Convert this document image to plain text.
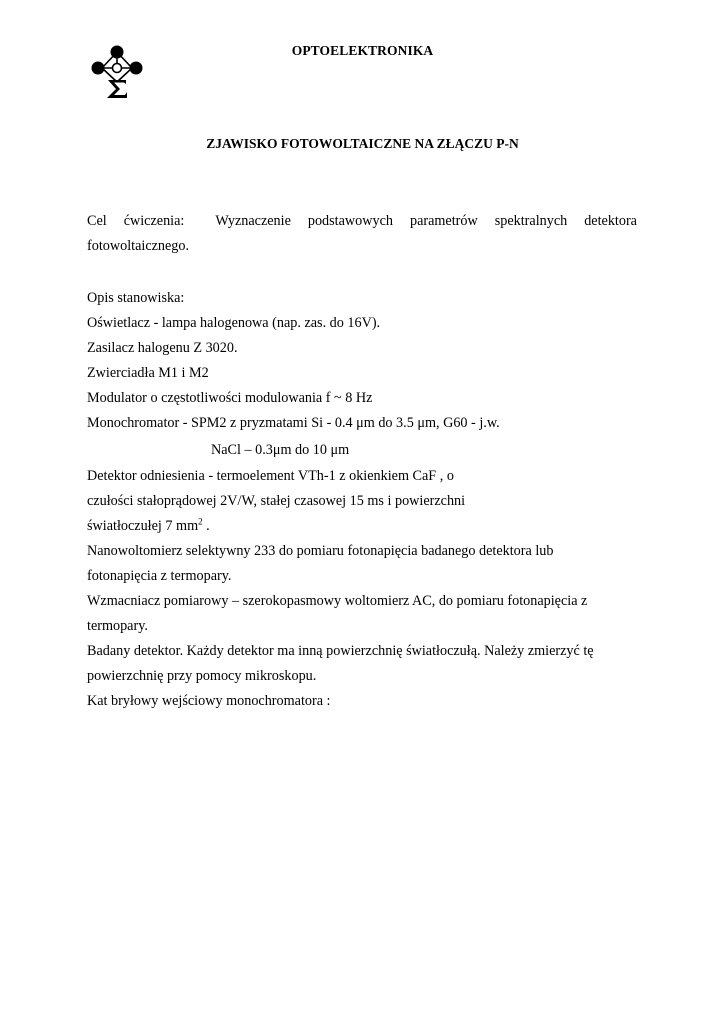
OPTOELEKTRONIKA
ZJAWISKO FOTOWOLTAICZNE NA ZŁĄCZU P-N
Cel ćwiczenia: Wyznaczenie podstawowych parametrów spektralnych detektora
fotowoltaicznego.
Opis stanowiska:
Oświetlacz - lampa halogenowa (nap. zas. do 16V).
Zasilacz halogenu Z 3020.
Zwierciadła M1 i M2
Modulator o częstotliwości modulowania f ~ 8 Hz
Monochromator - SPM2 z pryzmatami Si - 0.4 μm do 3.5 μm, G60 - j.w.
NaCl – 0.3μm do 10 μm
Detektor odniesienia - termoelement VTh-1 z okienkiem CaF , o
czułości stałoprądowej 2V/W, stałej czasowej 15 ms i powierzchni
światłoczułej 7 $mm^2$ .
Nanowoltomierz selektywny 233 do pomiaru fotonapięcia badanego detektora lub
fotonapięcia z termopary.
Wzmacniacz pomiarowy – szerokopasmowy woltomierz AC, do pomiaru fotonapięcia z
termopary.
Badany detektor. Każdy detektor ma inną powierzchnię światłoczułą. Należy zmierzyć tę
powierzchnię przy pomocy mikroskopu.
Kat bryłowy wejściowy monochromatora :
